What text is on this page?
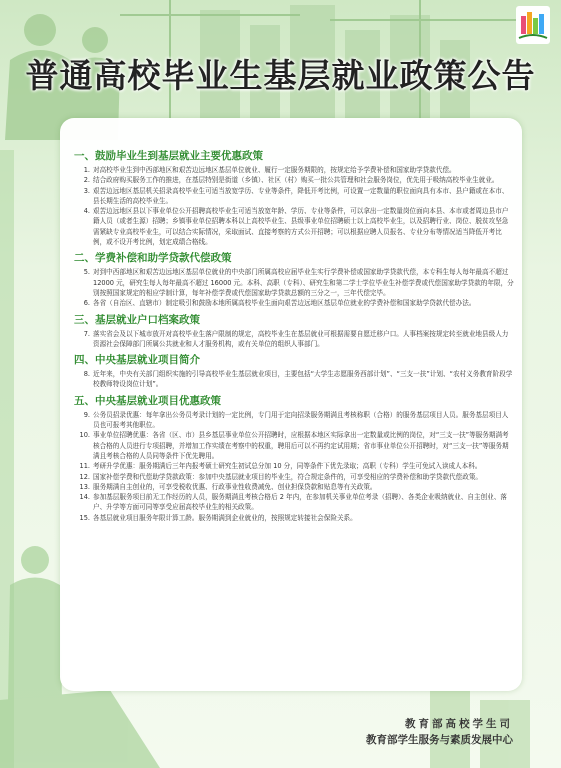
普通高校毕业生基层就业政策公告
一、鼓励毕业生到基层就业主要优惠政策
1. 对高校毕业生到中西部地区和艰苦边远地区基层单位就业、履行一定服务期限的，按规定给予学费补偿和国家助学贷款代偿。
2. 结合政府购买服务工作的推进，在基层特别是街道（乡镇）、社区（村）购买一批公共管理和社会服务岗位，优先用于吸纳高校毕业生就业。
3. 艰苦边远地区基层机关招录高校毕业生可适当放宽学历、专业等条件，降低开考比例，可设置一定数量的职位面向具有本市、县户籍或在本市、县长期生活的高校毕业生。
4. 艰苦边远地区县以下事业单位公开招聘高校毕业生可适当放宽年龄、学历、专业等条件，可以拿出一定数量岗位面向本县、本市或者周边县市户籍人员（或者生源）招聘；乡镇事业单位招聘本科以上高校毕业生、县级事业单位招聘硕士以上高校毕业生，以及招聘行业、岗位、脱贫攻坚急需紧缺专业高校毕业生，可以结合实际情况，采取面试、直接考察的方式公开招聘；可以根据应聘人员报名、专业分布等情况适当降低开考比例，或不设开考比例，划定成绩合格线。
二、学费补偿和助学贷款代偿政策
5. 对到中西部地区和艰苦边远地区基层单位就业的中央部门所属高校应届毕业生实行学费补偿或国家助学贷款代偿，本专科生每人每年最高不超过 12000 元，研究生每人每年最高不超过 16000 元。本科、高职（专科）、研究生和第二学士学位毕业生补偿学费或代偿国家助学贷款的年限，分别按照国家规定的相应学制计算，每年补偿学费或代偿国家助学贷款总额的三分之一，三年代偿完毕。
6. 各省（自治区、直辖市）制定吸引和鼓励本地所属高校毕业生面向艰苦边远地区基层单位就业的学费补偿和国家助学贷款代偿办法。
三、基层就业户口档案政策
7. 落实省会及以下城市放开对高校毕业生落户限制的规定，高校毕业生在基层就业可根据需要自愿迁移户口。人事档案按规定转至就业地县级人力资源社会保障部门所属公共就业和人才服务机构，或有关单位的组织人事部门。
四、中央基层就业项目简介
8. 近年来，中央有关部门组织实施的引导高校毕业生基层就业项目，主要包括“大学生志愿服务西部计划”、“三支一扶”计划、“农村义务教育阶段学校教师特设岗位计划”。
五、中央基层就业项目优惠政策
9. 公务员招录优惠：每年拿出公务员考录计划的一定比例，专门用于定向招录服务期满且考核称职（合格）的服务基层项目人员。服务基层项目人员也可报考其他职位。
10. 事业单位招聘优惠：各省（区、市）县乡基层事业单位公开招聘时，应根据本地区实际拿出一定数量或比例的岗位，对“三支一扶”等服务期满考核合格的人员进行专项招聘，并增加工作实绩在考察中的权重，聘用后可以不再约定试用期；省市事业单位公开招聘时，对“三支一扶”等服务期满且考核合格的人员同等条件下优先聘用。
11. 考研升学优惠：服务期满后三年内报考硕士研究生初试总分加 10 分，同等条件下优先录取；高职（专科）学生可免试入读成人本科。
12. 国家补偿学费和代偿助学贷款政策：参加中央基层就业项目的毕业生，符合规定条件的，可享受相应的学费补偿和助学贷款代偿政策。
13. 服务期满自主创业的，可享受税收优惠、行政事业性收费减免、创业担保贷款和贴息等有关政策。
14. 参加基层服务项目前无工作经历的人员，服务期满且考核合格后 2 年内，在参加机关事业单位考录（招聘）、各类企业吸纳就业、自主创业、落户、升学等方面可同等享受应届高校毕业生的相关政策。
15. 各基层就业项目服务年限计算工龄。服务期满到企业就业的，按照规定转接社会保险关系。
教育部高校学生司
教育部学生服务与素质发展中心
